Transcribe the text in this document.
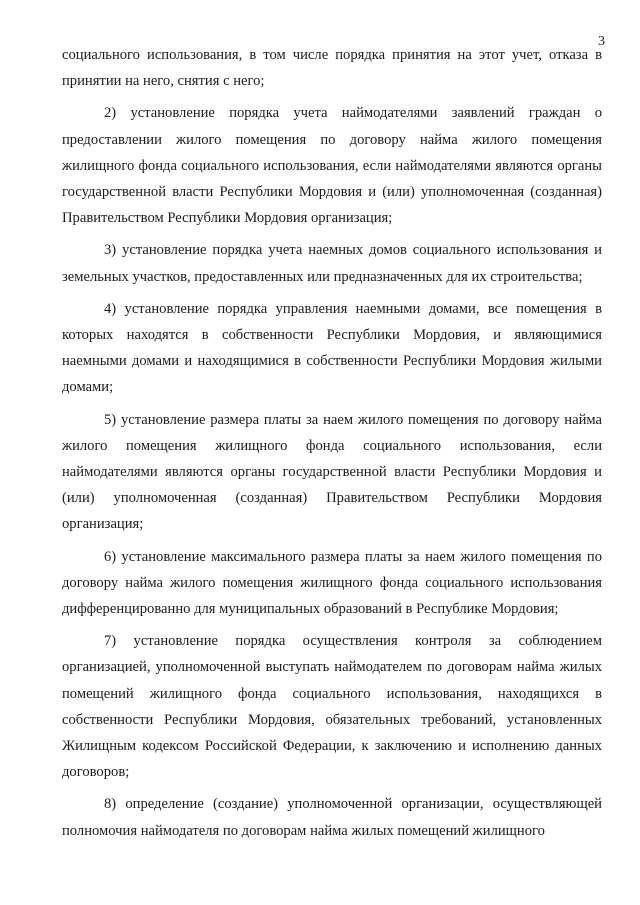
3

социального использования, в том числе порядка принятия на этот учет, отказа в принятии на него, снятия с него;

2) установление порядка учета наймодателями заявлений граждан о предоставлении жилого помещения по договору найма жилого помещения жилищного фонда социального использования, если наймодателями являются органы государственной власти Республики Мордовия и (или) уполномоченная (созданная) Правительством Республики Мордовия организация;

3) установление порядка учета наемных домов социального использования и земельных участков, предоставленных или предназначенных для их строительства;

4) установление порядка управления наемными домами, все помещения в которых находятся в собственности Республики Мордовия, и являющимися наемными домами и находящимися в собственности Республики Мордовия жилыми домами;

5) установление размера платы за наем жилого помещения по договору найма жилого помещения жилищного фонда социального использования, если наймодателями являются органы государственной власти Республики Мордовия и (или) уполномоченная (созданная) Правительством Республики Мордовия организация;

6) установление максимального размера платы за наем жилого помещения по договору найма жилого помещения жилищного фонда социального использования дифференцированно для муниципальных образований в Республике Мордовия;

7) установление порядка осуществления контроля за соблюдением организацией, уполномоченной выступать наймодателем по договорам найма жилых помещений жилищного фонда социального использования, находящихся в собственности Республики Мордовия, обязательных требований, установленных Жилищным кодексом Российской Федерации, к заключению и исполнению данных договоров;

8) определение (создание) уполномоченной организации, осуществляющей полномочия наймодателя по договорам найма жилых помещений жилищного
